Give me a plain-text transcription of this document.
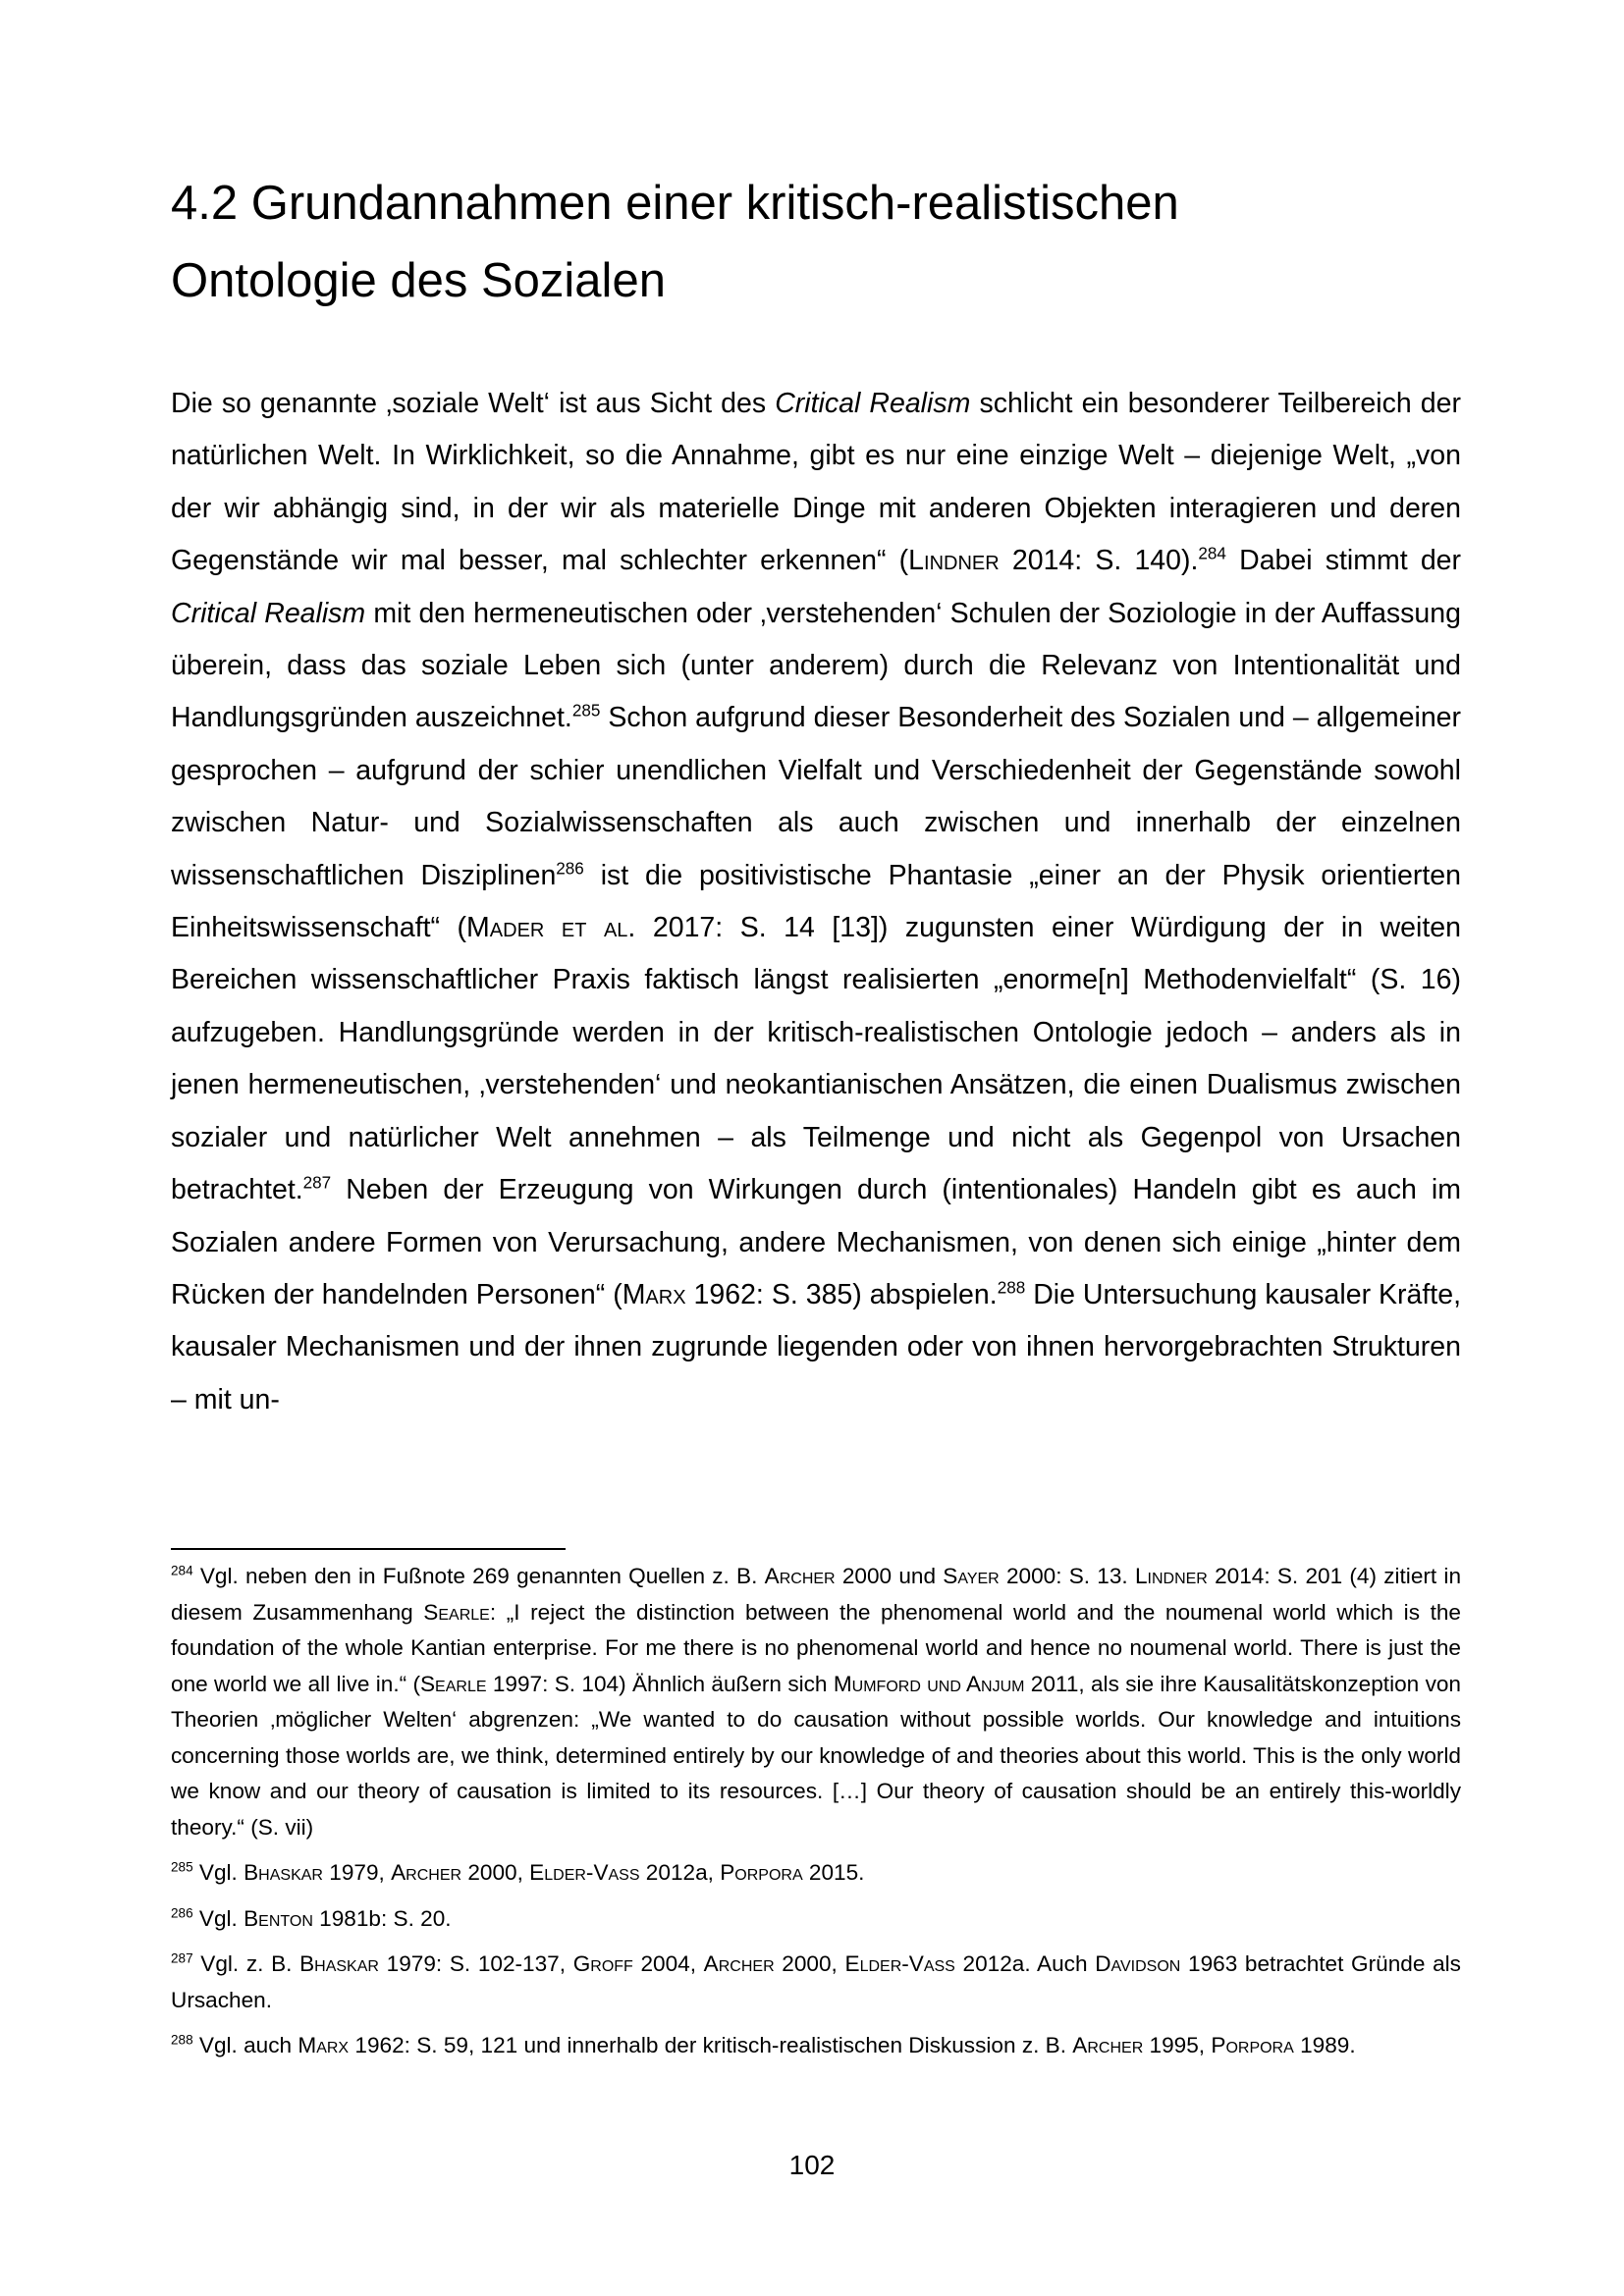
4.2 Grundannahmen einer kritisch-realistischen
Ontologie des Sozialen

Die so genannte ‚soziale Welt‘ ist aus Sicht des Critical Realism schlicht ein besonderer Teilbereich der natürlichen Welt. In Wirklichkeit, so die Annahme, gibt es nur eine einzige Welt – diejenige Welt, „von der wir abhängig sind, in der wir als materielle Dinge mit anderen Objekten interagieren und deren Gegenstände wir mal besser, mal schlechter erkennen“ (Lindner 2014: S. 140).$^{284}$ Dabei stimmt der Critical Realism mit den hermeneutischen oder ‚verstehenden‘ Schulen der Soziologie in der Auffassung überein, dass das soziale Leben sich (unter anderem) durch die Relevanz von Intentionalität und Handlungsgründen auszeichnet.$^{285}$ Schon aufgrund dieser Besonderheit des Sozialen und – allgemeiner gesprochen – aufgrund der schier unendlichen Vielfalt und Verschiedenheit der Gegenstände sowohl zwischen Natur- und Sozialwissenschaften als auch zwischen und innerhalb der einzelnen wissenschaftlichen Disziplinen$^{286}$ ist die positivistische Phantasie „einer an der Physik orientierten Einheitswissenschaft“ (Mader et al. 2017: S. 14 [13]) zugunsten einer Würdigung der in weiten Bereichen wissenschaftlicher Praxis faktisch längst realisierten „enorme[n] Methodenvielfalt“ (S. 16) aufzugeben. Handlungsgründe werden in der kritisch-realistischen Ontologie jedoch – anders als in jenen hermeneutischen, ‚verstehenden‘ und neokantianischen Ansätzen, die einen Dualismus zwischen sozialer und natürlicher Welt annehmen – als Teilmenge und nicht als Gegenpol von Ursachen betrachtet.$^{287}$ Neben der Erzeugung von Wirkungen durch (intentionales) Handeln gibt es auch im Sozialen andere Formen von Verursachung, andere Mechanismen, von denen sich einige „hinter dem Rücken der handelnden Personen“ (Marx 1962: S. 385) abspielen.$^{288}$ Die Untersuchung kausaler Kräfte, kausaler Mechanismen und der ihnen zugrunde liegenden oder von ihnen hervorgebrachten Strukturen – mit un-

$^{284}$ Vgl. neben den in Fußnote 269 genannten Quellen z. B. Archer 2000 und Sayer 2000: S. 13. Lindner 2014: S. 201 (4) zitiert in diesem Zusammenhang Searle: „I reject the distinction between the phenomenal world and the noumenal world which is the foundation of the whole Kantian enterprise. For me there is no phenomenal world and hence no noumenal world. There is just the one world we all live in.“ (Searle 1997: S. 104) Ähnlich äußern sich Mumford und Anjum 2011, als sie ihre Kausalitätskonzeption von Theorien ‚möglicher Welten‘ abgrenzen: „We wanted to do causation without possible worlds. Our knowledge and intuitions concerning those worlds are, we think, determined entirely by our knowledge of and theories about this world. This is the only world we know and our theory of causation is limited to its resources. […] Our theory of causation should be an entirely this-worldly theory.“ (S. vii)

$^{285}$ Vgl. Bhaskar 1979, Archer 2000, Elder-Vass 2012a, Porpora 2015.

$^{286}$ Vgl. Benton 1981b: S. 20.

$^{287}$ Vgl. z. B. Bhaskar 1979: S. 102-137, Groff 2004, Archer 2000, Elder-Vass 2012a. Auch Davidson 1963 betrachtet Gründe als Ursachen.

$^{288}$ Vgl. auch Marx 1962: S. 59, 121 und innerhalb der kritisch-realistischen Diskussion z. B. Archer 1995, Porpora 1989.

102
